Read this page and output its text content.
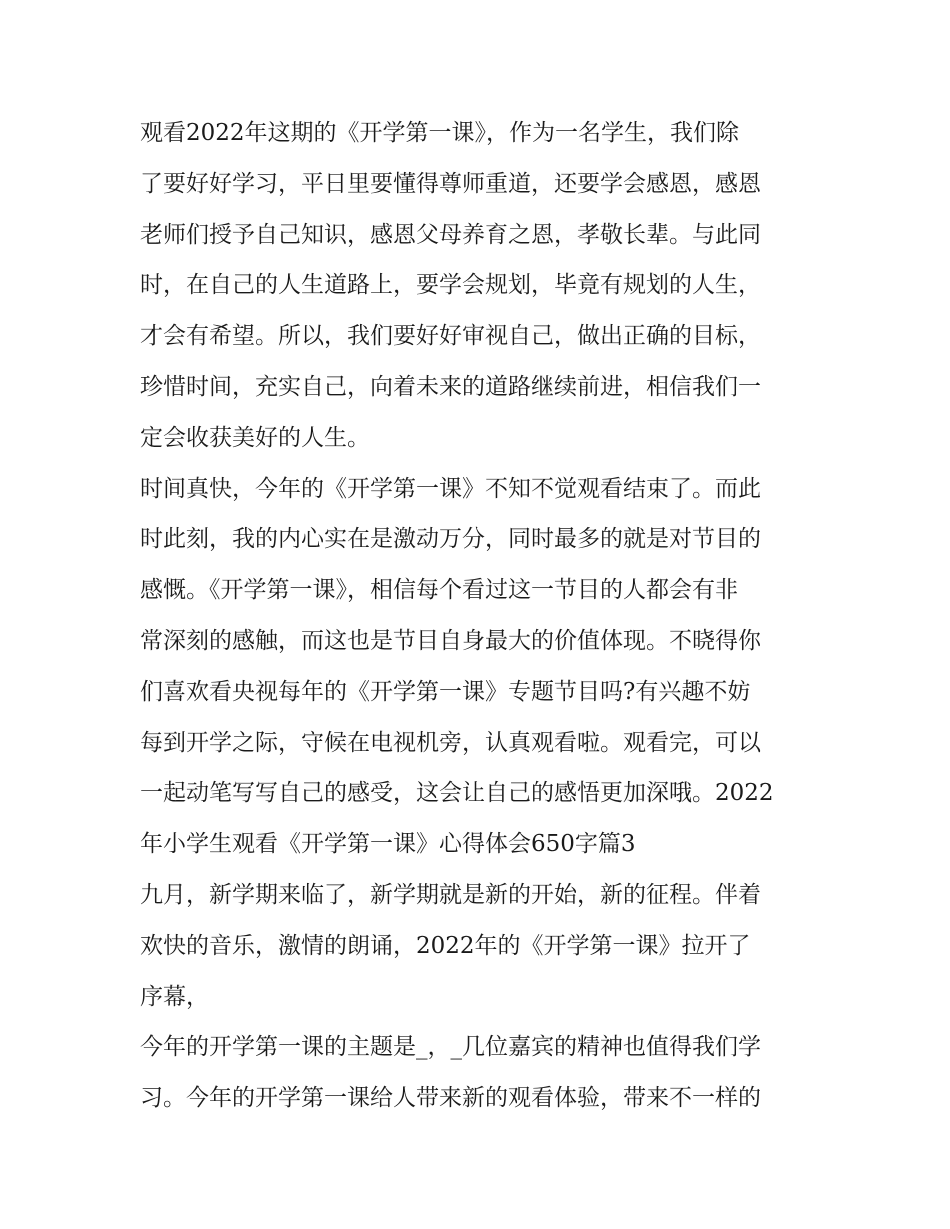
观看2022年这期的《开学第一课》，作为一名学生，我们除
了要好好学习，平日里要懂得尊师重道，还要学会感恩，感恩
老师们授予自己知识，感恩父母养育之恩，孝敬长辈。与此同
时，在自己的人生道路上，要学会规划，毕竟有规划的人生，
才会有希望。所以，我们要好好审视自己，做出正确的目标，
珍惜时间，充实自己，向着未来的道路继续前进，相信我们一
定会收获美好的人生。
时间真快，今年的《开学第一课》不知不觉观看结束了。而此
时此刻，我的内心实在是激动万分，同时最多的就是对节目的
感慨。《开学第一课》，相信每个看过这一节目的人都会有非
常深刻的感触，而这也是节目自身最大的价值体现。不晓得你
们喜欢看央视每年的《开学第一课》专题节目吗?有兴趣不妨
每到开学之际，守候在电视机旁，认真观看啦。观看完，可以
一起动笔写写自己的感受，这会让自己的感悟更加深哦。2022
年小学生观看《开学第一课》心得体会650字篇3
九月，新学期来临了，新学期就是新的开始，新的征程。伴着
欢快的音乐，激情的朗诵，2022年的《开学第一课》拉开了
序幕，
今年的开学第一课的主题是_，_几位嘉宾的精神也值得我们学
习。今年的开学第一课给人带来新的观看体验，带来不一样的
